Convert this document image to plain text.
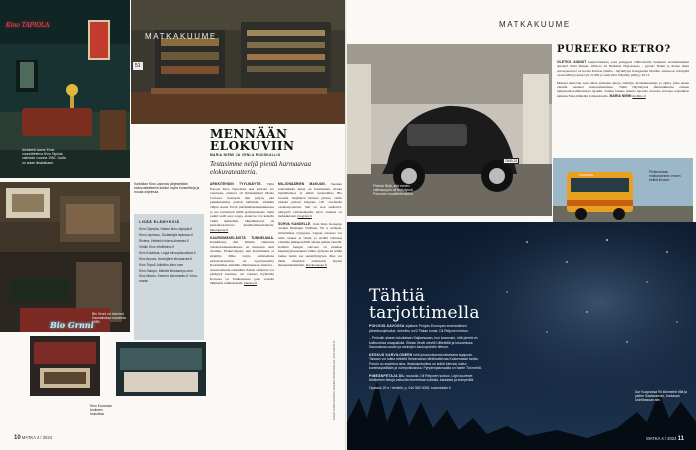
Kino TAPIOLA
Arkkitehti Aarne Ervin suunnittelema Kino Tapiola valmistui vuonna 1961. Uutta on aulan ilmakkkaan.
MATKAKUUME
51
Karkkilan Kino Lakeuss järjestetään elokuvateatteriin liukkoi myös konsertteja ja muuta ohjelmaa.
MENNÄÄN ELOKUVIIN
MARIA NIEMI JA VENLA RUUSKALLIO
Testasimme neljä pientä harmaavaa elokuvateatteria.
LISÄÄ ELÄMYKSIÄ
Kino Olympia, Hanko kino-olympia.fi
Kino Lapinsuu, Sodankylä lapinsuu.fi
Riviera, Helsinki riviera-kinemas.fi
Vihdin Kino vihdinkino.fi
Kino Kuukkoa, Loppi kinoopisuukkoa.fi
Kino Aurora, Nurmijärvi kinoaurora.fi
Kino Tripoli Jokisilon-kino.com
Kino Sampo, Mänttä kinosampo.com
Kino Mantu, Somero kinomantu.fi / kino-mantu

ARKKITEHDIN TYYLINÄYTE. Tätin Espoon Kino Tapiolassa ensi kertaan 12-vuotiaana, elokuva oli Ihmeiskkkyä Monte Carlossa. Kaunaats niin paljon, että puukkuneuissa puursit lumittuin. Varikkin vihjön Aarne Ervin piirtämäntarakennuksessa ja osa ortonilevät täällä ajallotuuteetus. Salin sauhti taolli uuot sopaa, elokuvaa voi katsella viiniä maistellen. Ohjelmistossa on kansainvarterterra kuulmettitateelokuvia. kinotapiola.fi

KAURISMÄKELÄISTÄ TUNNELMAA. Karkkilassa, Aki Ismalin ennisessä vehdaavarakennuksessa on meneeen aiari charmia. Elokuvohjaaja Aki Kaurismäen ja kirjailija Mika Lattio omistamana elokuvateatterissa on byydytssesttty Kauristmäen alenmän omituinanaan Andorra -elokuvatatterin entisttätiä. Ennen elokuvaa voi pistäytyä baarissa, ota toisessa Kylärailla Kortessa tai Unnhaanssaa joen varrella lähjitterin runkkalaaella. lakeuss.fi

MILJONÄÄRIEN MAKUUN. Suomen saattaiilaisin kunta on Kauniainen, monta täyttämettusa ei pitkiä syntyaaltina Bio Granita. Sesjäation liitenan pilotaa, vartin tarkeän pisbasl kaupttaa 120 -vuotiaalta ostainanyoalevin. Sali on ison audiotiva, nlekyyttä valkokankaalle hyvä. Aulassa on herkkukioski. biogrnni.fi

SOHVA KANDELLE. Uusi Kino Konepaja avautui Helsingin Vallilaan. Vli n vanhaan, riitteriläisen työpajaan. Lippuu ostaessa voi tilata ruokaa ja viiniä, ja sivällä ödotasaa valmiina pikkapöydällä omaan paikan vierellä. Kahden hengen sohvaan on muukaa kaperktyjansaaanuun vähän, hyllyssä tai sellän taakse tuolei saa santertitykyyen. Ihaa voi jääda istumaan aulabaarih myöen iktaauuldenkärräen. kinokonepaja.fi

Bio Grnni
Bio Grnni on toiminut Kauniaisissa vuodesta 1985.
Kino Kouvolan tuolimen loukottaa.	KUVAT: ROBIN KIVIKKO, MAARIA TILVAUSKALLIO, ANIS AHNYLIN
10 MATKA 4 / 2024
MATKAKUUME
OIKB-15
Fleinsa Birjä, että ennen vallinsuupen oli tedhdyssä Poinonen suosittelemassa.
PUREEKO RETRO?

OLETKO AIANUT kuplavolkkaria, joka pomppasi 1960-luvulla Suomeen suosituimmaksi autoksi? Entä Datsun 100A-ta tai Hetkaina Hoposuassa - pyrstä? Nämä ja monet muut retroajoneuvot on koottu Keinon pihalla - näyttelytyn Kangasalan Mobilia -museoon. Kävijöitä on keväällä ja kertyi yli 21 000 ja vielä yhtä. Näyttely päättyy 20.12.

Maiseet kertoviat, kun rallen entisajan autoja, seitlmja, marladkeaamaja ja oljöja, jotka ennen olenttin nautteet lentuotatteetuissa. Tämä Näyttelyssä miinaalkkuttaa entisen tamperelaisvalmistaneen Ajokkti. Saman laisene muutta laporata tuovesta kovassa teöpelkkaa kaluissa Esko Riihelän Lillenretraelta. MARIA NIEMI mobilia.fi

TAMPERE
Pintkeskiaan malkustaneen ennen eelkiä linssen.
Tähtiä
tarjottimella

POHJOIS-SAVOSSA sijaitsee Pohjois-Euroopan ensimmäinen pimeäsuojelualue, Ankelinu on/2 Pakan kunta. Dil Reijonen kertoo.

– Periodin alueen tukuilalaan Saijisessaan, kun kosmosin, että pimeä on kulttuurissa maapallolla. Siistan lievät oleviili Ulitleteillä ja luhuomissa Saunosissa uusien ja vanhojen kauluupohdin tietoon.

KESKUS KARVILONEEN tohti juhannuksesta talsekana tapipuan. Taivaan voi tutkia retkellä Selvavaaran tähtiluotteivaa Koskensaari tardia. Poruiu on avaimiva aina, ilmakaipokuilma on kulkä tulevaa, katso koneissyksiltään ja ruhepotiluisissa. Pyrydimpiansaalla on haete Tid mehiä.

PIMEÄNPETAJA DIL nousulla. Dil Reijonen surkoo. Lajin kuoleset tähtiirehen tietoja valtuutta teoreetlaan kaltolla, kaulaista ja kuinperillä.

Opastus 20 e / henkilö, p. 044 983 0008, sosonkkain.fi

Aur Kuopiossa 90 kilometrin tiitä ja pistee Saalavaaran, korkasan Uuhitbassan alin.
MATKA 4 / 2024 11
